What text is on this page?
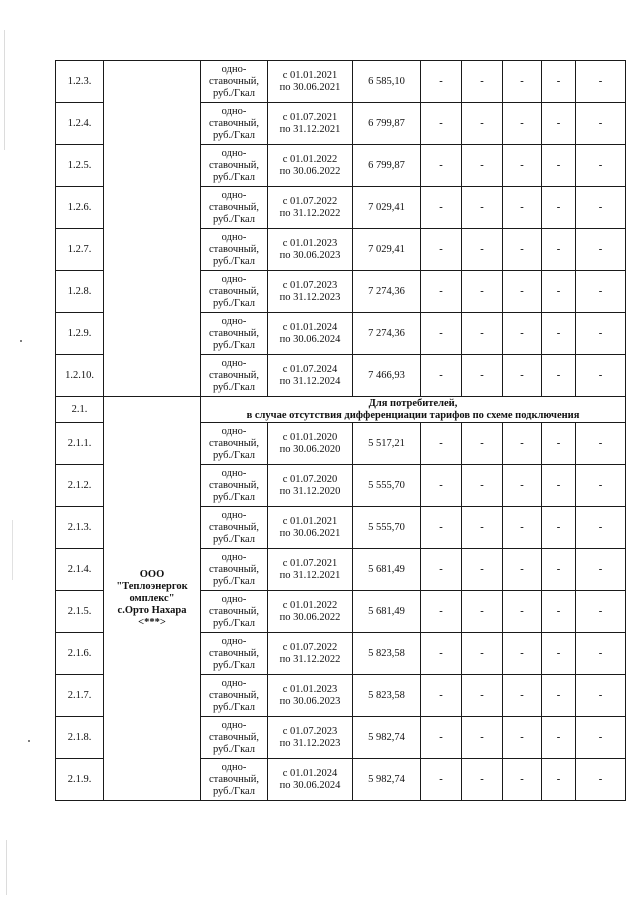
1.2.3.		одно-
ставочный,
руб./Гкал	с 01.01.2021
по 30.06.2021	6 585,10	-	-	-	-	-
1.2.4.		одно-
ставочный,
руб./Гкал	с 01.07.2021
по 31.12.2021	6 799,87	-	-	-	-	-
1.2.5.		одно-
ставочный,
руб./Гкал	с 01.01.2022
по 30.06.2022	6 799,87	-	-	-	-	-
1.2.6.		одно-
ставочный,
руб./Гкал	с 01.07.2022
по 31.12.2022	7 029,41	-	-	-	-	-
1.2.7.		одно-
ставочный,
руб./Гкал	с 01.01.2023
по 30.06.2023	7 029,41	-	-	-	-	-
1.2.8.		одно-
ставочный,
руб./Гкал	с 01.07.2023
по 31.12.2023	7 274,36	-	-	-	-	-
1.2.9.		одно-
ставочный,
руб./Гкал	с 01.01.2024
по 30.06.2024	7 274,36	-	-	-	-	-
1.2.10.		одно-
ставочный,
руб./Гкал	с 01.07.2024
по 31.12.2024	7 466,93	-	-	-	-	-
2.1.	ООО
"Теплоэнергок
омплекс"
с.Орто Нахара
<***>	Для потребителей,
в случае отсутствия дифференциации тарифов по схеме подключения							

2.1.1.		одно-
ставочный,
руб./Гкал	с 01.01.2020
по 30.06.2020	5 517,21	-	-	-	-	-
2.1.2.		одно-
ставочный,
руб./Гкал	с 01.07.2020
по 31.12.2020	5 555,70	-	-	-	-	-
2.1.3.		одно-
ставочный,
руб./Гкал	с 01.01.2021
по 30.06.2021	5 555,70	-	-	-	-	-
2.1.4.		одно-
ставочный,
руб./Гкал	с 01.07.2021
по 31.12.2021	5 681,49	-	-	-	-	-
2.1.5.		одно-
ставочный,
руб./Гкал	с 01.01.2022
по 30.06.2022	5 681,49	-	-	-	-	-
2.1.6.		одно-
ставочный,
руб./Гкал	с 01.07.2022
по 31.12.2022	5 823,58	-	-	-	-	-
2.1.7.		одно-
ставочный,
руб./Гкал	с 01.01.2023
по 30.06.2023	5 823,58	-	-	-	-	-
2.1.8.		одно-
ставочный,
руб./Гкал	с 01.07.2023
по 31.12.2023	5 982,74	-	-	-	-	-
2.1.9.		одно-
ставочный,
руб./Гкал	с 01.01.2024
по 30.06.2024	5 982,74	-	-	-	-	-
